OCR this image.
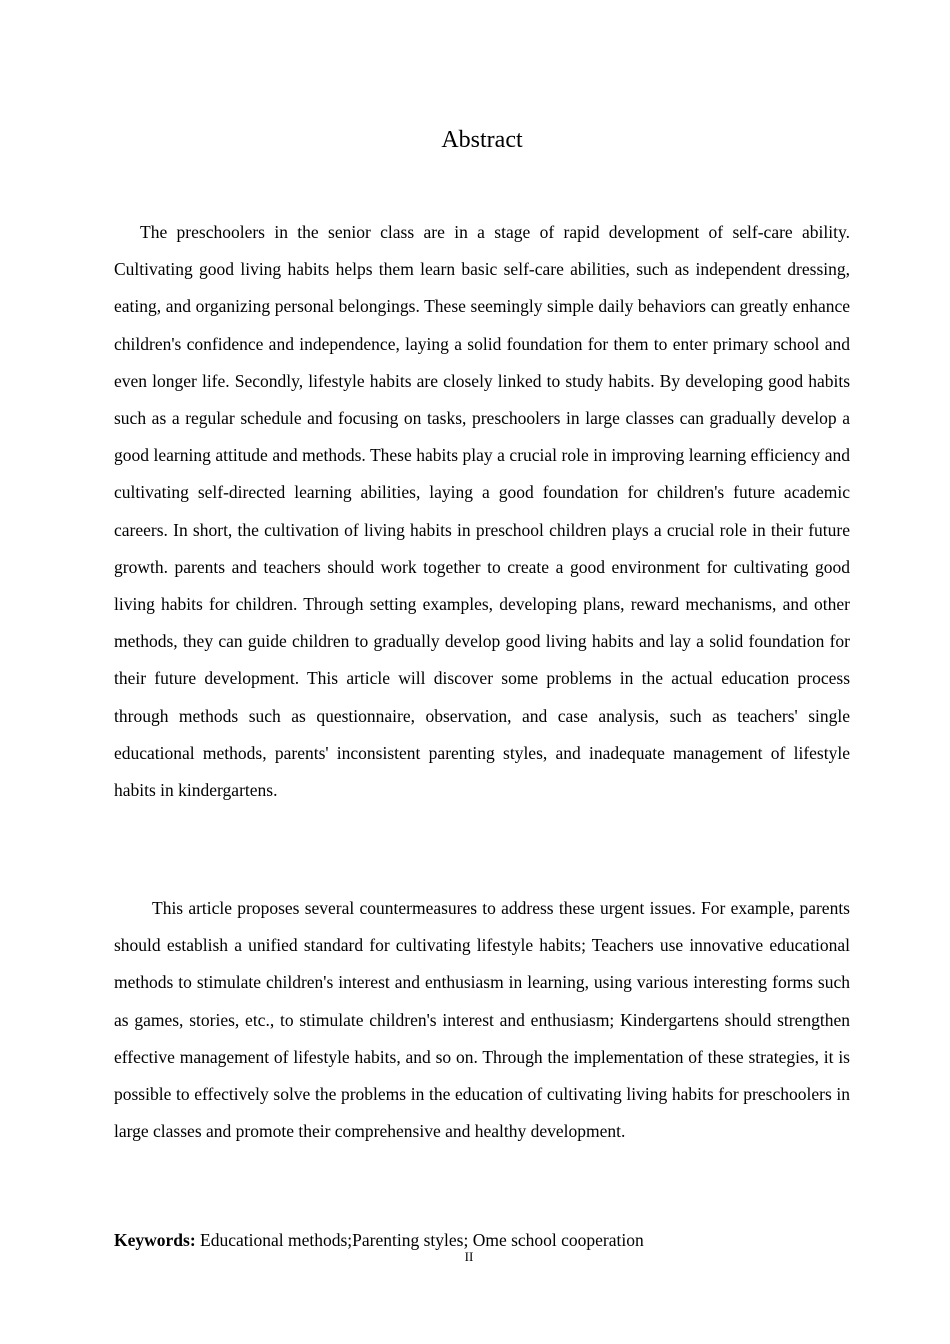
Abstract

The preschoolers in the senior class are in a stage of rapid development of self-care ability. Cultivating good living habits helps them learn basic self-care abilities, such as independent dressing, eating, and organizing personal belongings. These seemingly simple daily behaviors can greatly enhance children's confidence and independence, laying a solid foundation for them to enter primary school and even longer life. Secondly, lifestyle habits are closely linked to study habits. By developing good habits such as a regular schedule and focusing on tasks, preschoolers in large classes can gradually develop a good learning attitude and methods. These habits play a crucial role in improving learning efficiency and cultivating self-directed learning abilities, laying a good foundation for children's future academic careers. In short, the cultivation of living habits in preschool children plays a crucial role in their future growth. parents and teachers should work together to create a good environment for cultivating good living habits for children. Through setting examples, developing plans, reward mechanisms, and other methods, they can guide children to gradually develop good living habits and lay a solid foundation for their future development. This article will discover some problems in the actual education process through methods such as questionnaire, observation, and case analysis, such as teachers' single educational methods, parents' inconsistent parenting styles, and inadequate management of lifestyle habits in kindergartens.

This article proposes several countermeasures to address these urgent issues. For example, parents should establish a unified standard for cultivating lifestyle habits; Teachers use innovative educational methods to stimulate children's interest and enthusiasm in learning, using various interesting forms such as games, stories, etc., to stimulate children's interest and enthusiasm; Kindergartens should strengthen effective management of lifestyle habits, and so on. Through the implementation of these strategies, it is possible to effectively solve the problems in the education of cultivating living habits for preschoolers in large classes and promote their comprehensive and healthy development.

Keywords: Educational methods;Parenting styles; Ome school cooperation
II
